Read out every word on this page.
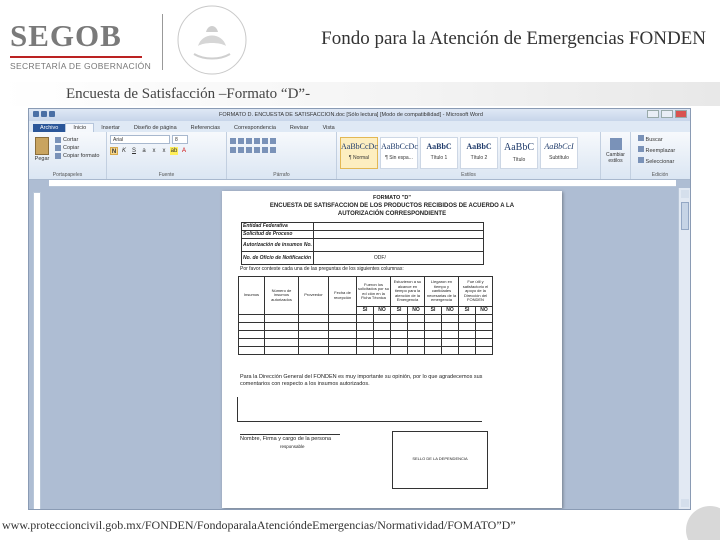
SEGOB
SECRETARÍA DE GOBERNACIÓN
Fondo para la Atención de Emergencias FONDEN
Encuesta de Satisfacción –Formato “D”-
FORMATO D. ENCUESTA DE SATISFACCION.doc [Sólo lectura] [Modo de compatibilidad] - Microsoft Word
Archivo	Inicio	Insertar	Diseño de página	Referencias	Correspondencia	Revisar	Vista
Pegar
Cortar
Copiar
Copiar formato
Portapapeles
Arial	8
N K S	a	x	x ab A
Fuente	Párrafo
AaBbCcDc
¶ Normal
AaBbCcDc
¶ Sin espa...
AaBbC
Título 1
AaBbC
Título 2
AaBbC
Título
AaBbCcI
Subtítulo
Estilos
Cambiar estilos
Buscar
Reemplazar
Seleccionar
Edición
FORMATO "D"
ENCUESTA DE SATISFACCION DE LOS PRODUCTOS RECIBIDOS DE ACUERDO A LA AUTORIZACIÓN CORRESPONDIENTE
Entidad Federativa	
Solicitud de Proceso	
Autorización de insumos No.	
No. de Oficio de Notificación	ODF/
Por favor conteste cada una de las preguntas de los siguientes columnas:
Insumos	Número de insumos autorizados	Proveedor	Fecha de recepción	Fueron los solicitados por su ed ción en la Ficha Técnica		Estuvieron a su alcance en tiempo para la atención de la Emergencia		Llegaron en tiempo y cantidades necesarias de la emergencia		Fue útil y satisfactorio el apoyo de la Dirección del FONDEN	
				SI	NO	SI	NO	SI	NO	SI	NO

Para la Dirección General del FONDEN es muy importante su opinión, por lo que agradecemos sus comentarios con respecto a los insumos autorizados.
Nombre, Firma y cargo de la persona
responsable
SELLO DE LA DEPENDENCIA
www.proteccioncivil.gob.mx/FONDEN/FondoparalaAtencióndeEmergencias/Normatividad/FOMATO”D”
